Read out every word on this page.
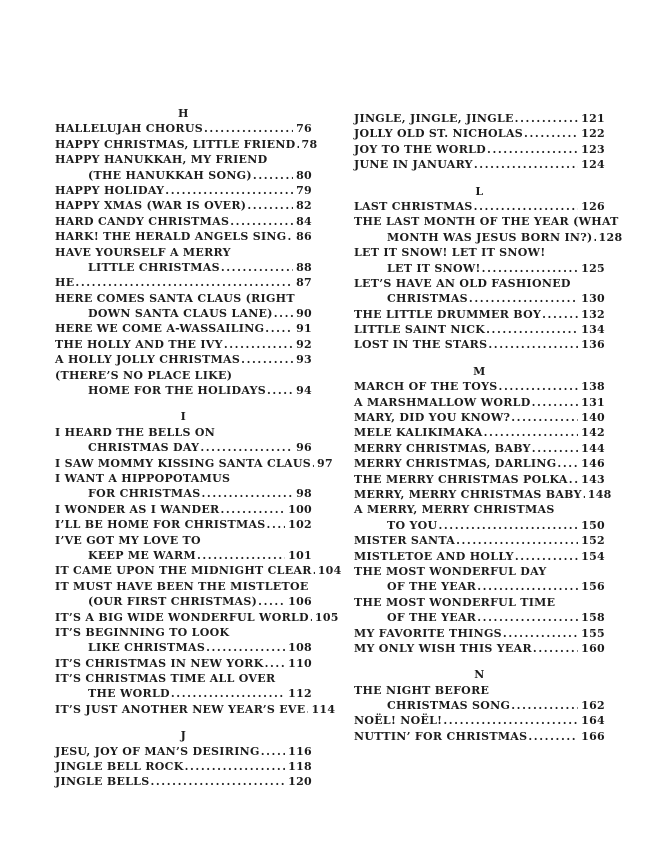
H
HALLELUJAH CHORUS .....	76
HAPPY CHRISTMAS, LITTLE FRIEND ..... 78
HAPPY HANUKKAH, MY FRIEND
(THE HANUKKAH SONG) .....	80
HAPPY HOLIDAY .....	79
HAPPY XMAS (WAR IS OVER) .....	82
HARD CANDY CHRISTMAS .....	84
HARK! THE HERALD ANGELS SING ..... 86
HAVE YOURSELF A MERRY
LITTLE CHRISTMAS .....	88
HE .....	87
HERE COMES SANTA CLAUS (RIGHT
DOWN SANTA CLAUS LANE) ..... 90
HERE WE COME A-WASSAILING .....	91
THE HOLLY AND THE IVY .....	92
A HOLLY JOLLY CHRISTMAS .....	93
(THERE’S NO PLACE LIKE)
HOME FOR THE HOLIDAYS .....	94
I
I HEARD THE BELLS ON
CHRISTMAS DAY .....	96
I SAW MOMMY KISSING SANTA CLAUS ..... 97
I WANT A HIPPOPOTAMUS
FOR CHRISTMAS .....	98
I WONDER AS I WANDER .....	100
I’LL BE HOME FOR CHRISTMAS ..... 102
I’VE GOT MY LOVE TO
KEEP ME WARM .....	101
IT CAME UPON THE MIDNIGHT CLEAR ..... 104
IT MUST HAVE BEEN THE MISTLETOE
(OUR FIRST CHRISTMAS) .....	106
IT’S A BIG WIDE WONDERFUL WORLD ..... 105
IT’S BEGINNING TO LOOK
LIKE CHRISTMAS .....	108
IT’S CHRISTMAS IN NEW YORK ..... 110
IT’S CHRISTMAS TIME ALL OVER
THE WORLD .....	112
IT’S JUST ANOTHER NEW YEAR’S EVE ..... 114
J
JESU, JOY OF MAN’S DESIRING .....	116
JINGLE BELL ROCK .....	118
JINGLE BELLS .....	120
JINGLE, JINGLE, JINGLE .....	121
JOLLY OLD ST. NICHOLAS .....	122
JOY TO THE WORLD .....	123
JUNE IN JANUARY .....	124
L
LAST CHRISTMAS .....	126
THE LAST MONTH OF THE YEAR (WHAT
MONTH WAS JESUS BORN IN?) ..... 128
LET IT SNOW! LET IT SNOW!
LET IT SNOW! .....	125
LET’S HAVE AN OLD FASHIONED
CHRISTMAS .....	130
THE LITTLE DRUMMER BOY .....	132
LITTLE SAINT NICK .....	134
LOST IN THE STARS .....	136
M
MARCH OF THE TOYS .....	138
A MARSHMALLOW WORLD .....	131
MARY, DID YOU KNOW? .....	140
MELE KALIKIMAKA .....	142
MERRY CHRISTMAS, BABY .....	144
MERRY CHRISTMAS, DARLING ..... 146
THE MERRY CHRISTMAS POLKA ..... 143
MERRY, MERRY CHRISTMAS BABY ..... 148
A MERRY, MERRY CHRISTMAS
TO YOU .....	150
MISTER SANTA .....	152
MISTLETOE AND HOLLY .....	154
THE MOST WONDERFUL DAY
OF THE YEAR .....	156
THE MOST WONDERFUL TIME
OF THE YEAR .....	158
MY FAVORITE THINGS .....	155
MY ONLY WISH THIS YEAR .....	160
N
THE NIGHT BEFORE
CHRISTMAS SONG .....	162
NOËL! NOËL! .....	164
NUTTIN’ FOR CHRISTMAS .....	166
